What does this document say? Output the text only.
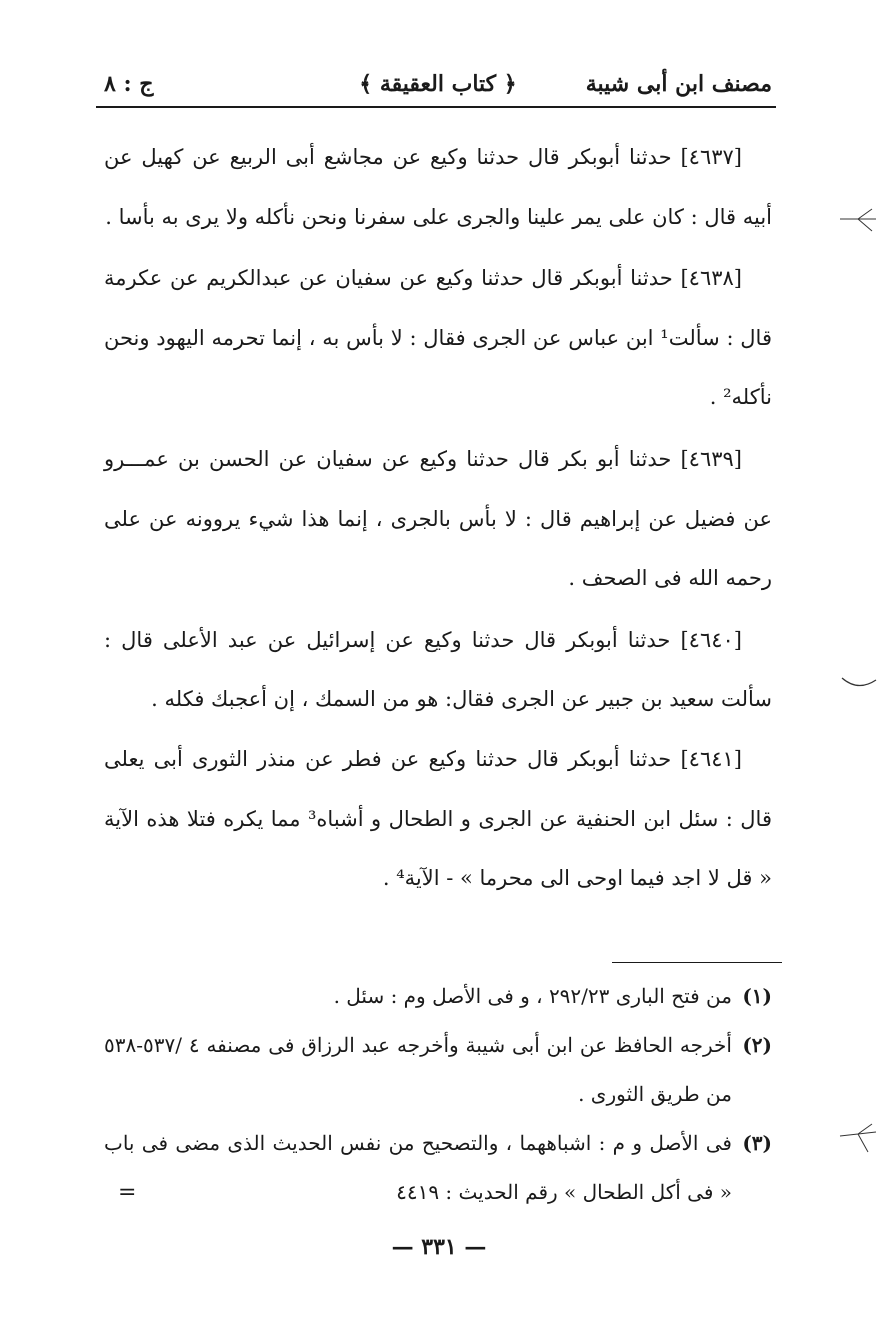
مصنف ابن أبى شيبة
﴿ كتاب العقيقة ﴾
ج : ٨

[٤٦٣٧] حدثنا أبوبكر قال حدثنا وكيع عن مجاشع أبى الربيع عن كهيل عن أبيه قال : كان على يمر علينا والجرى على سفرنا ونحن نأكله ولا يرى به بأسا .

[٤٦٣٨] حدثنا أبوبكر قال حدثنا وكيع عن سفيان عن عبدالكريم عن عكرمة قال : سألت¹ ابن عباس عن الجرى فقال : لا بأس به ، إنما تحرمه اليهود ونحن نأكله² .

[٤٦٣٩] حدثنا أبو بكر قال حدثنا وكيع عن سفيان عن الحسن بن عمـــرو عن فضيل عن إبراهيم قال : لا بأس بالجرى ، إنما هذا شيء يروونه عن على رحمه الله فى الصحف .

[٤٦٤٠] حدثنا أبوبكر قال حدثنا وكيع عن إسرائيل عن عبد الأعلى قال : سألت سعيد بن جبير عن الجرى فقال: هو من السمك ، إن أعجبك فكله .

[٤٦٤١] حدثنا أبوبكر قال حدثنا وكيع عن فطر عن منذر الثورى أبى يعلى قال : سئل ابن الحنفية عن الجرى و الطحال و أشباه³ مما يكره فتلا هذه الآية « قل لا اجد فيما اوحى الى محرما » - الآية⁴ .

(١)
من فتح البارى ٢٩٢/٢٣ ، و فى الأصل وم : سئل .

(٢)
أخرجه الحافظ عن ابن أبى شيبة وأخرجه عبد الرزاق فى مصنفه ٤ /٥٣٧-٥٣٨ من طريق الثورى .

(٣)
فى الأصل و م : اشباههما ، والتصحيح من نفس الحديث الذى مضى فى باب « فى أكل الطحال » رقم الحديث : ٤٤١٩

=
— ٣٣١ —
